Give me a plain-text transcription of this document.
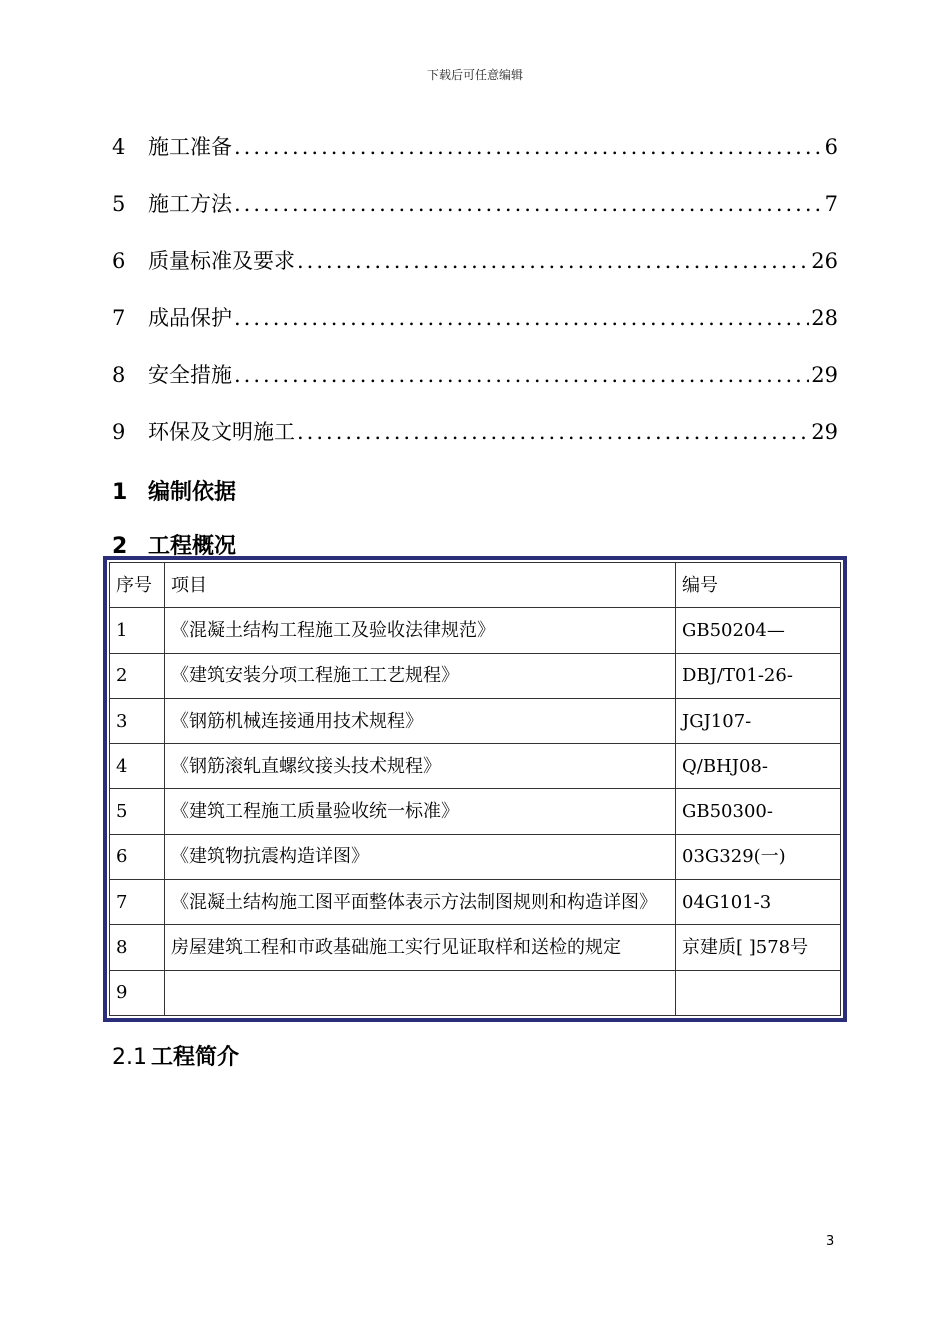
下载后可任意编辑
4	施工准备 .....	6
5	施工方法 .....	7
6	质量标准及要求 .....	26
7	成品保护 .....	28
8	安全措施 .....	29
9	环保及文明施工 .....	29
1 编制依据
2 工程概况
序号	项目	编号
1	《混凝土结构工程施工及验收法律规范》	GB50204—
2	《建筑安装分项工程施工工艺规程》	DBJ/T01-26-
3	《钢筋机械连接通用技术规程》	JGJ107-
4	《钢筋滚轧直螺纹接头技术规程》	Q/BHJ08-
5	《建筑工程施工质量验收统一标准》	GB50300-
6	《建筑物抗震构造详图》	03G329(一)
7	《混凝土结构施工图平面整体表示方法制图规则和构造详图》	04G101-3
8	房屋建筑工程和市政基础施工实行见证取样和送检的规定	京建质[ ]578号
9		
2.1 工程简介
3
